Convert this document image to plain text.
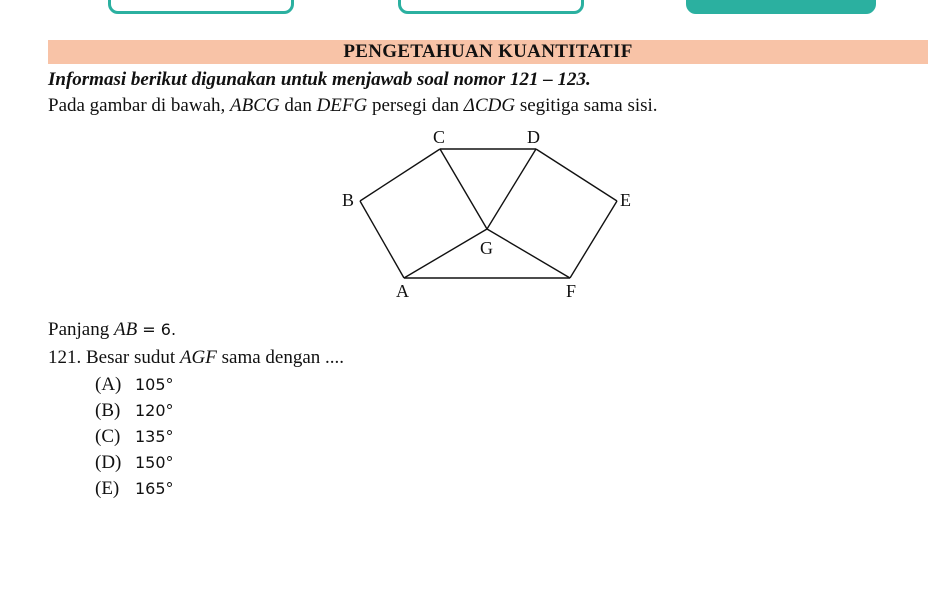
PENGETAHUAN KUANTITATIF
Informasi berikut digunakan untuk menjawab soal nomor 121 – 123.
Pada gambar di bawah, ABCG dan DEFG persegi dan ΔCDG segitiga sama sisi.
C	D
B	E
G
A	F
Panjang AB = 6.
121. Besar sudut AGF sama dengan ....
(A) 105°
(B) 120°
(C) 135°
(D) 150°
(E) 165°
